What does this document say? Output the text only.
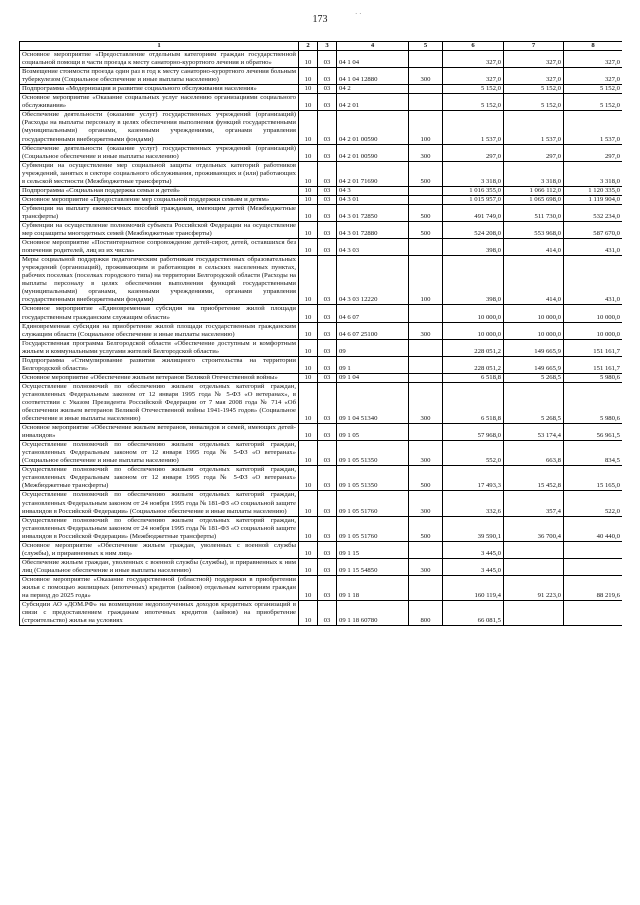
173	· ·
1	2	3	4	5	6	7	8
Основное мероприятие «Предоставление отдельным категориям граждан государственной социальной помощи в части проезда к месту санаторно-курортного лечения и обратно»	10	03	04 1 04		327,0	327,0	327,0
Возмещение стоимости проезда один раз в год к месту санаторно-курортного лечения больным туберкулезом (Социальное обеспечение и иные выплаты населению)	10	03	04 1 04 12880	300	327,0	327,0	327,0
Подпрограмма «Модернизация и развитие социального обслуживания населения»	10	03	04 2		5 152,0	5 152,0	5 152,0
Основное мероприятие «Оказание социальных услуг населению организациями социального обслуживания»	10	03	04 2 01		5 152,0	5 152,0	5 152,0
Обеспечение деятельности (оказание услуг) государственных учреждений (организаций) (Расходы на выплаты персоналу в целях обеспечения выполнения функций государственными (муниципальными) органами, казенными учреждениями, органами управления государственными внебюджетными фондами)	10	03	04 2 01 00590	100	1 537,0	1 537,0	1 537,0
Обеспечение деятельности (оказание услуг) государственных учреждений (организаций) (Социальное обеспечение и иные выплаты населению)	10	03	04 2 01 00590	300	297,0	297,0	297,0
Субвенции на осуществление мер социальной защиты отдельных категорий работников учреждений, занятых в секторе социального обслуживания, проживающих и (или) работающих в сельской местности (Межбюджетные трансферты)	10	03	04 2 01 71690	500	3 318,0	3 318,0	3 318,0
Подпрограмма «Социальная поддержка семьи и детей»	10	03	04 3		1 016 355,0	1 066 112,0	1 120 335,0
Основное мероприятие «Предоставление мер социальной поддержки семьям и детям»	10	03	04 3 01		1 015 957,0	1 065 698,0	1 119 904,0
Субвенции на выплату ежемесячных пособий гражданам, имеющим детей (Межбюджетные трансферты)	10	03	04 3 01 72850	500	491 749,0	511 730,0	532 234,0
Субвенции на осуществление полномочий субъекта Российской Федерации на осуществление мер соцзащиты многодетных семей (Межбюджетные трансферты)	10	03	04 3 01 72880	500	524 208,0	553 968,0	587 670,0
Основное мероприятие «Постинтернатное сопровождение детей-сирот, детей, оставшихся без попечения родителей, лиц из их числа»	10	03	04 3 03		398,0	414,0	431,0
Меры социальной поддержки педагогическим работникам государственных образовательных учреждений (организаций), проживающим и работающим в сельских населенных пунктах, рабочих поселках (поселках городского типа) на территории Белгородской области (Расходы на выплаты персоналу в целях обеспечения выполнения функций государственными (муниципальными) органами, казенными учреждениями, органами управления государственными внебюджетными фондами)	10	03	04 3 03 12220	100	398,0	414,0	431,0
Основное мероприятие «Единовременная субсидия на приобретение жилой площади государственным гражданским служащим области»	10	03	04 6 07		10 000,0	10 000,0	10 000,0
Единовременная субсидия на приобретение жилой площади государственным гражданским служащим области (Социальное обеспечение и иные выплаты населению)	10	03	04 6 07 25100	300	10 000,0	10 000,0	10 000,0
Государственная программа Белгородской области «Обеспечение доступным и комфортным жильем и коммунальными услугами жителей Белгородской области»	10	03	09		228 051,2	149 665,9	151 161,7
Подпрограмма «Стимулирование развития жилищного строительства на территории Белгородской области»	10	03	09 1		228 051,2	149 665,9	151 161,7
Основное мероприятие «Обеспечение жильем ветеранов Великой Отечественной войны»	10	03	09 1 04		6 518,8	5 268,5	5 980,6
Осуществление полномочий по обеспечению жильем отдельных категорий граждан, установленных Федеральным законом от 12 января 1995 года № 5-ФЗ «О ветеранах», в соответствии с Указом Президента Российской Федерации от 7 мая 2008 года № 714 «Об обеспечении жильем ветеранов Великой Отечественной войны 1941-1945 годов» (Социальное обеспечение и иные выплаты населению)	10	03	09 1 04 51340	300	6 518,8	5 268,5	5 980,6
Основное мероприятие «Обеспечение жильем ветеранов, инвалидов и семей, имеющих детей-инвалидов»	10	03	09 1 05		57 968,0	53 174,4	56 961,5
Осуществление полномочий по обеспечению жильем отдельных категорий граждан, установленных Федеральным законом от 12 января 1995 года № 5-ФЗ «О ветеранах» (Социальное обеспечение и иные выплаты населению)	10	03	09 1 05 51350	300	552,0	663,8	834,5
Осуществление полномочий по обеспечению жильем отдельных категорий граждан, установленных Федеральным законом от 12 января 1995 года № 5-ФЗ «О ветеранах» (Межбюджетные трансферты)	10	03	09 1 05 51350	500	17 493,3	15 452,8	15 165,0
Осуществление полномочий по обеспечению жильем отдельных категорий граждан, установленных Федеральным законом от 24 ноября 1995 года № 181-ФЗ «О социальной защите инвалидов в Российской Федерации» (Социальное обеспечение и иные выплаты населению)	10	03	09 1 05 51760	300	332,6	357,4	522,0
Осуществление полномочий по обеспечению жильем отдельных категорий граждан, установленных Федеральным законом от 24 ноября 1995 года № 181-ФЗ «О социальной защите инвалидов в Российской Федерации» (Межбюджетные трансферты)	10	03	09 1 05 51760	500	39 590,1	36 700,4	40 440,0
Основное мероприятие «Обеспечение жильем граждан, уволенных с военной службы (службы), и приравненных к ним лиц»	10	03	09 1 15		3 445,0		
Обеспечение жильем граждан, уволенных с военной службы (службы), и приравненных к ним лиц (Социальное обеспечение и иные выплаты населению)	10	03	09 1 15 54850	300	3 445,0		
Основное мероприятие «Оказание государственной (областной) поддержки в приобретении жилья с помощью жилищных (ипотечных) кредитов (займов) отдельным категориям граждан на период до 2025 года»	10	03	09 1 18		160 119,4	91 223,0	88 219,6
Субсидии АО «ДОМ.РФ» на возмещение недополученных доходов кредитных организаций в связи с предоставлением гражданам ипотечных кредитов (займов) на приобретение (строительство) жилья на условиях	10	03	09 1 18 60780	800	66 081,5		
